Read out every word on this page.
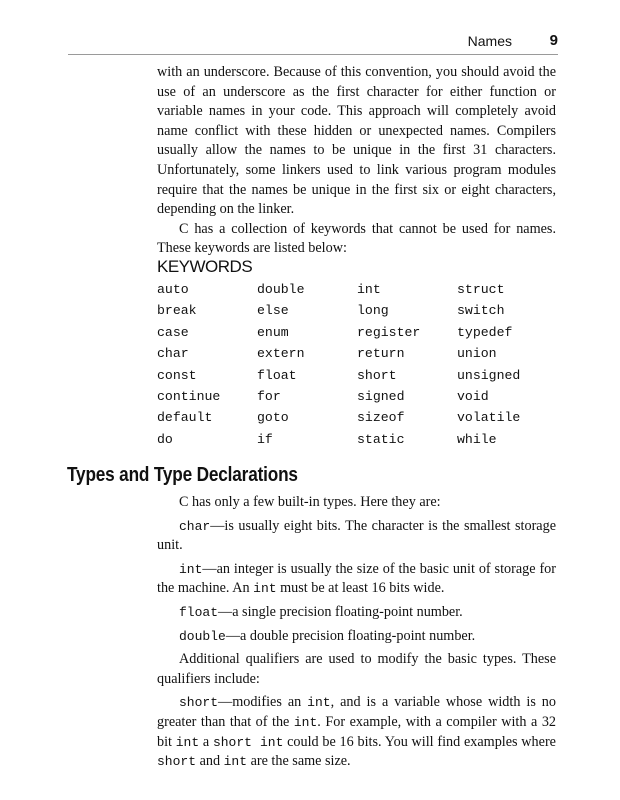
Names	9

with an underscore. Because of this convention, you should avoid the use of an underscore as the first character for either function or variable names in your code. This approach will completely avoid name conflict with these hidden or unexpected names. Compilers usually allow the names to be unique in the first 31 characters. Unfortunately, some linkers used to link various program modules require that the names be unique in the first six or eight characters, depending on the linker.

C has a collection of keywords that cannot be used for names. These keywords are listed below:

KEYWORDS
auto	double	int	struct
break	else	long	switch
case	enum	register	typedef
char	extern	return	union
const	float	short	unsigned
continue	for	signed	void
default	goto	sizeof	volatile
do	if	static	while
Types and Type Declarations

C has only a few built-in types. Here they are:

char—is usually eight bits. The character is the smallest storage unit.

int—an integer is usually the size of the basic unit of storage for the machine. An int must be at least 16 bits wide.

float—a single precision floating-point number.

double—a double precision floating-point number.

Additional qualifiers are used to modify the basic types. These qualifiers include:

short—modifies an int, and is a variable whose width is no greater than that of the int. For example, with a compiler with a 32 bit int a short int could be 16 bits. You will find examples where short and int are the same size.
